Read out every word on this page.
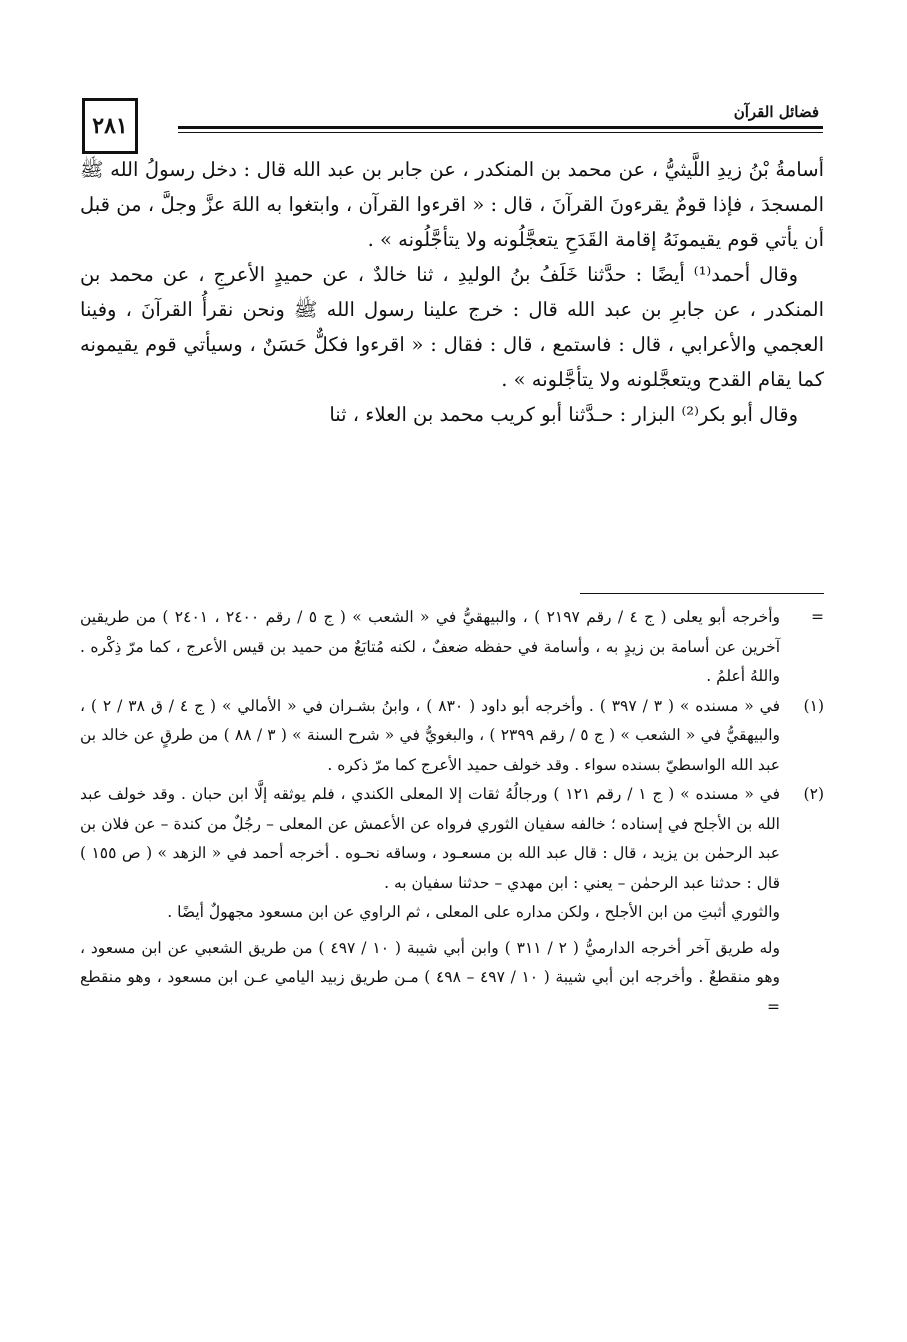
٢٨١
فضائل القرآن

أسامةُ بْنُ زيدِ اللَّيثيُّ ، عن محمد بن المنكدر ، عن جابر بن عبد الله قال : دخل رسولُ الله ﷺ المسجدَ ، فإذا قومٌ يقرءونَ القرآنَ ، قال : « اقرءوا القرآن ، وابتغوا به اللهَ عزَّ وجلَّ ، من قبل أن يأتي قوم يقيمونَهُ إقامة القَدَحِ يتعجَّلُونه ولا يتأجَّلُونه » .

وقال أحمد⁽¹⁾ أيضًا : حدَّثنا خَلَفُ بنُ الوليدِ ، ثنا خالدٌ ، عن حميدٍ الأعرجِ ، عن محمد بن المنكدر ، عن جابرِ بن عبد الله قال : خرج علينا رسول الله ﷺ ونحن نقرأُ القرآنَ ، وفينا العجمي والأعرابي ، قال : فاستمع ، قال : فقال : « اقرءوا فكلٌّ حَسَنٌ ، وسيأتي قوم يقيمونه كما يقام القدح ويتعجَّلونه ولا يتأجَّلونه » .

وقال أبو بكر⁽²⁾ البزار : حـدَّثنا أبو كريب محمد بن العلاء ، ثنا

=
وأخرجه أبو يعلى ( ج ٤ / رقم ٢١٩٧ ) ، والبيهقيُّ في « الشعب » ( ج ٥ / رقم ٢٤٠٠ ، ٢٤٠١ ) من طريقين آخرين عن أسامة بن زيدٍ به ، وأسامة في حفظه ضعفٌ ، لكنه مُتابَعٌ من حميد بن قيس الأعرج ، كما مرّ ذِكْره . واللهُ أعلمُ .
(١)
في « مسنده » ( ٣ / ٣٩٧ ) . وأخرجه أبو داود ( ٨٣٠ ) ، وابنُ بشـران في « الأمالي » ( ج ٤ / ق ٣٨ / ٢ ) ، والبيهقيُّ في « الشعب » ( ج ٥ / رقم ٢٣٩٩ ) ، والبغويُّ في « شرح السنة » ( ٣ / ٨٨ ) من طرقٍ عن خالد بن عبد الله الواسطيّ بسنده سواء . وقد خولف حميد الأعرج كما مرّ ذكره .
(٢)
في « مسنده » ( ج ١ / رقم ١٢١ ) ورجالُهُ ثقات إلا المعلى الكندي ، فلم يوثقه إلَّا ابن حبان . وقد خولف عبد الله بن الأجلح في إسناده ؛ خالفه سفيان الثوري فرواه عن الأعمش عن المعلى – رجُلٌ من كندة – عن فلان بن عبد الرحمٰن بن يزيد ، قال : قال عبد الله بن مسعـود ، وساقه نحـوه . أخرجه أحمد في « الزهد » ( ص ١٥٥ ) قال : حدثنا عبد الرحمٰن – يعني : ابن مهدي – حدثنا سفيان به .
والثوري أثبتِ من ابن الأجلح ، ولكن مداره على المعلى ، ثم الراوي عن ابن مسعود مجهولٌ أيضًا .
وله طريق آخر أخرجه الدارميُّ ( ٢ / ٣١١ ) وابن أبي شيبة ( ١٠ / ٤٩٧ ) من طريق الشعبي عن ابن مسعود ، وهو منقطعٌ . وأخرجه ابن أبي شيبة ( ١٠ / ٤٩٧ – ٤٩٨ ) مـن طريق زبيد اليامي عـن ابن مسعود ، وهو منقطع =
